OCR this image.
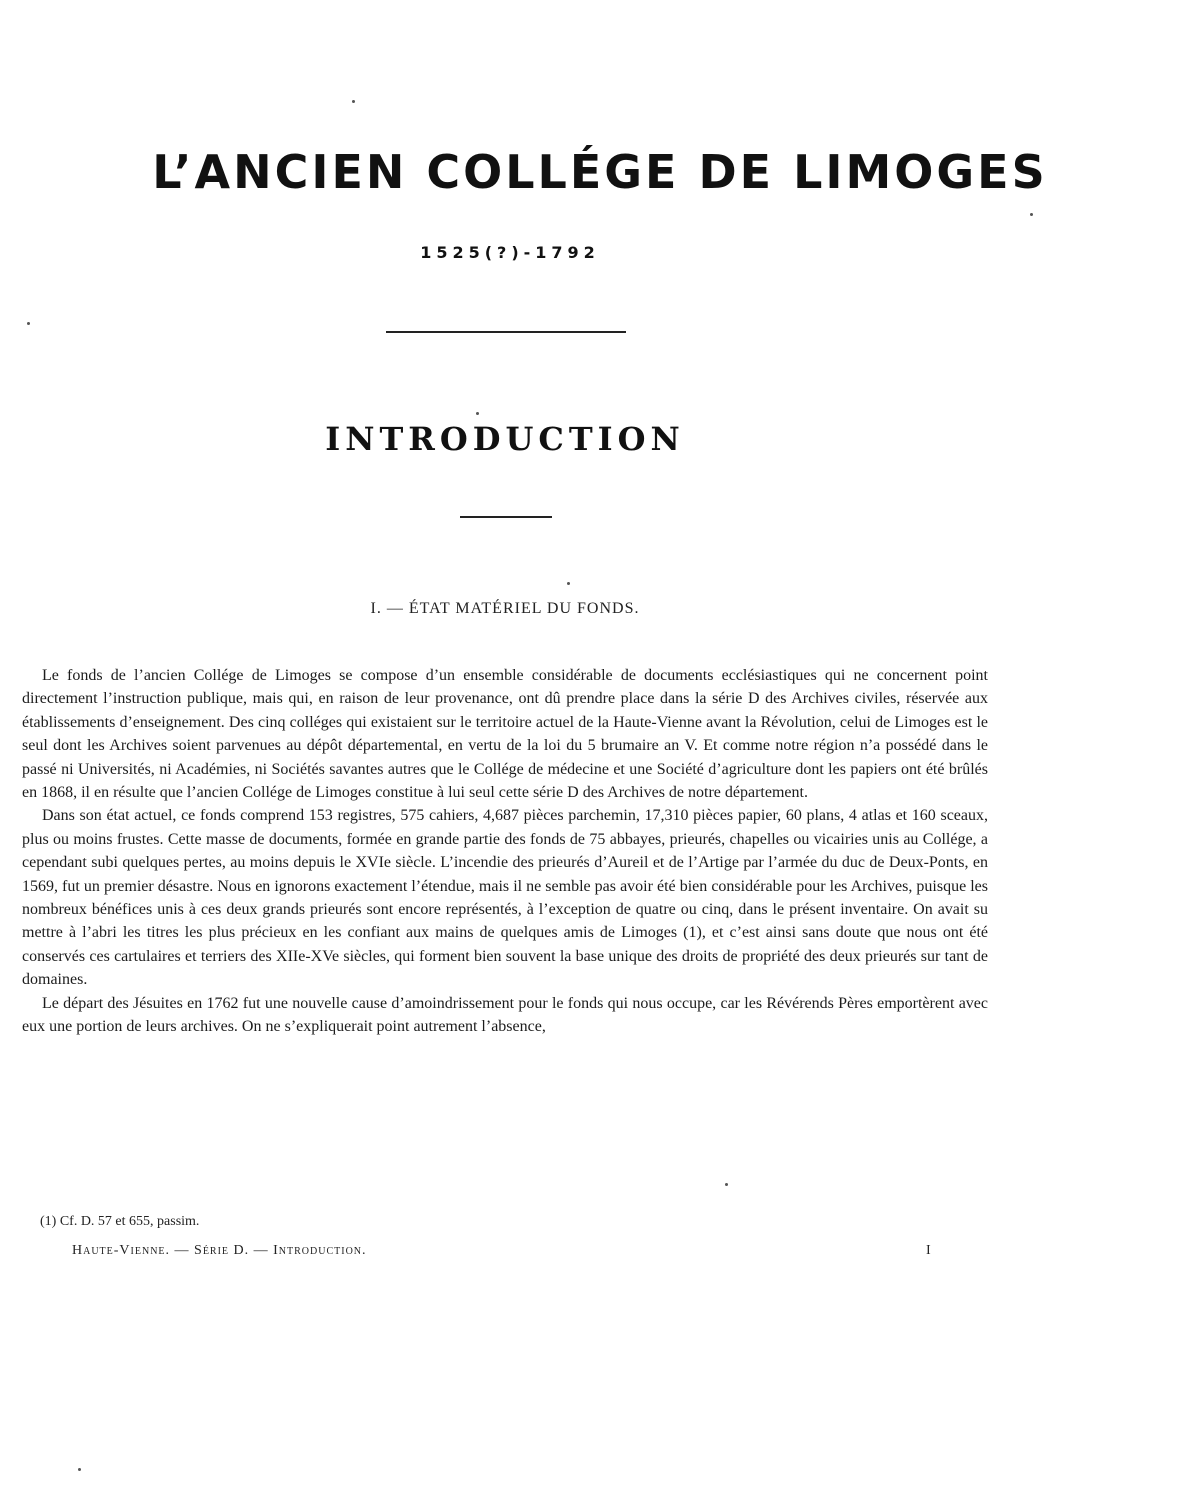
L’ANCIEN COLLÉGE DE LIMOGES
1525(?)-1792
INTRODUCTION
I. — ÉTAT MATÉRIEL DU FONDS.

Le fonds de l’ancien Collége de Limoges se compose d’un ensemble considérable de documents ecclésiastiques qui ne concernent point directement l’instruction publique, mais qui, en raison de leur provenance, ont dû prendre place dans la série D des Archives civiles, réservée aux établissements d’enseignement. Des cinq colléges qui existaient sur le territoire actuel de la Haute-Vienne avant la Révolution, celui de Limoges est le seul dont les Archives soient parvenues au dépôt départemental, en vertu de la loi du 5 brumaire an V. Et comme notre région n’a possédé dans le passé ni Universités, ni Académies, ni Sociétés savantes autres que le Collége de médecine et une Société d’agriculture dont les papiers ont été brûlés en 1868, il en résulte que l’ancien Collége de Limoges constitue à lui seul cette série D des Archives de notre département.

Dans son état actuel, ce fonds comprend 153 registres, 575 cahiers, 4,687 pièces parchemin, 17,310 pièces papier, 60 plans, 4 atlas et 160 sceaux, plus ou moins frustes. Cette masse de documents, formée en grande partie des fonds de 75 abbayes, prieurés, chapelles ou vicairies unis au Collége, a cependant subi quelques pertes, au moins depuis le XVIe siècle. L’incendie des prieurés d’Aureil et de l’Artige par l’armée du duc de Deux-Ponts, en 1569, fut un premier désastre. Nous en ignorons exactement l’étendue, mais il ne semble pas avoir été bien considérable pour les Archives, puisque les nombreux bénéfices unis à ces deux grands prieurés sont encore représentés, à l’exception de quatre ou cinq, dans le présent inventaire. On avait su mettre à l’abri les titres les plus précieux en les confiant aux mains de quelques amis de Limoges (1), et c’est ainsi sans doute que nous ont été conservés ces cartulaires et terriers des XIIe-XVe siècles, qui forment bien souvent la base unique des droits de propriété des deux prieurés sur tant de domaines.

Le départ des Jésuites en 1762 fut une nouvelle cause d’amoindrissement pour le fonds qui nous occupe, car les Révérends Pères emportèrent avec eux une portion de leurs archives. On ne s’expliquerait point autrement l’absence,

(1) Cf. D. 57 et 655, passim.
Haute-Vienne. — Série D. — Introduction.	I
